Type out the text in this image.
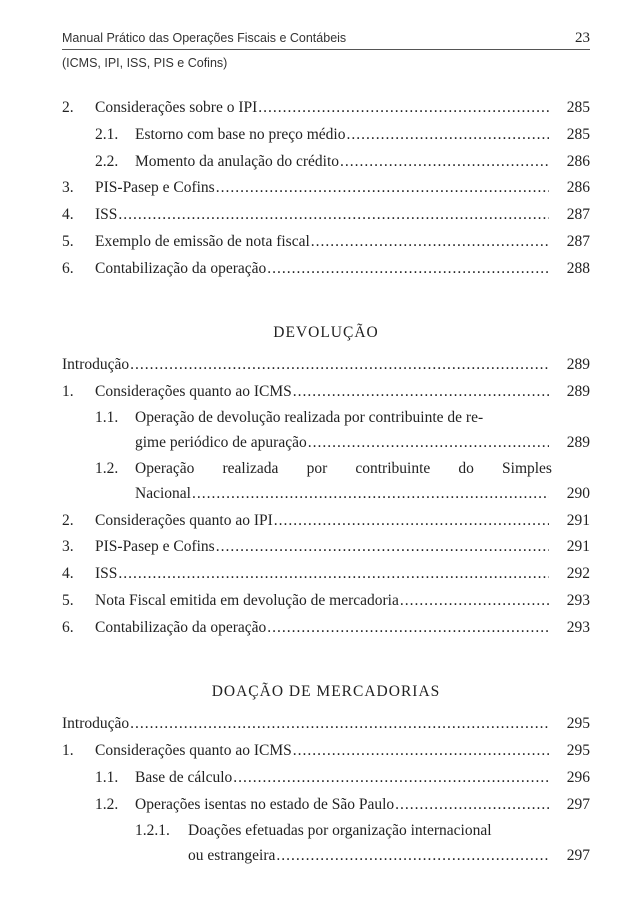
Manual Prático das Operações Fiscais e Contábeis	23
(ICMS, IPI, ISS, PIS e Cofins)
2.	Considerações sobre o IPI .....	285
2.1.	Estorno com base no preço médio .....	285
2.2.	Momento da anulação do crédito .....	286
3.	PIS-Pasep e Cofins .....	286
4.	ISS .....	287
5.	Exemplo de emissão de nota fiscal .....	287
6.	Contabilização da operação .....	288
DEVOLUÇÃO
Introdução .....	289
1.	Considerações quanto ao ICMS .....	289
1.1.	Operação de devolução realizada por contribuinte de re-
gime periódico de apuração .....	289
1.2.	Operação realizada por contribuinte do Simples
Nacional .....	290
2.	Considerações quanto ao IPI .....	291
3.	PIS-Pasep e Cofins .....	291
4.	ISS .....	292
5.	Nota Fiscal emitida em devolução de mercadoria .....	293
6.	Contabilização da operação .....	293
DOAÇÃO DE MERCADORIAS
Introdução .....	295
1.	Considerações quanto ao ICMS .....	295
1.1.	Base de cálculo .....	296
1.2.	Operações isentas no estado de São Paulo .....	297
1.2.1.	Doações efetuadas por organização internacional
ou estrangeira .....	297
